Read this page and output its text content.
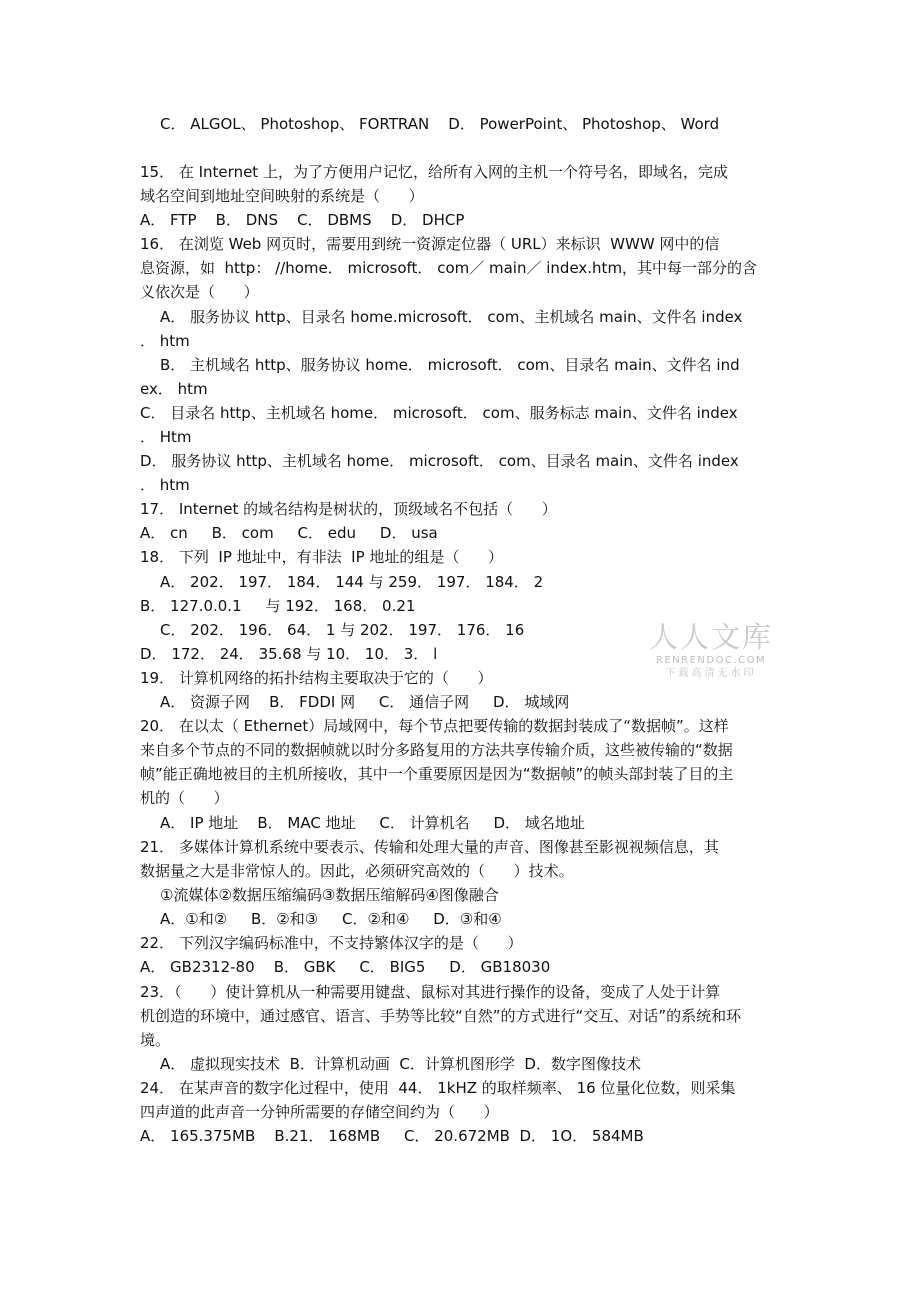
C． ALGOL、 Photoshop、 FORTRAN    D． PowerPoint、 Photoshop、 Word

15． 在 Internet 上，为了方便用户记忆，给所有入网的主机一个符号名，即域名，完成

域名空间到地址空间映射的系统是（      ）

A． FTP    B． DNS    C． DBMS    D． DHCP

16． 在浏览 Web 网页时，需要用到统一资源定位器（ URL）来标识  WWW 网中的信

息资源，如  http： //home． microsoft． com／ main／ index.htm，其中每一部分的含

义依次是（      ）

A． 服务协议 http、目录名 home.microsoft． com、主机域名 main、文件名 index

． htm

B． 主机域名 http、服务协议 home． microsoft． com、目录名 main、文件名 ind

ex． htm

C． 目录名 http、主机域名 home． microsoft． com、服务标志 main、文件名 index

． Htm

D． 服务协议 http、主机域名 home． microsoft． com、目录名 main、文件名 index

． htm

17． Internet 的域名结构是树状的，顶级域名不包括（      ）

A． cn     B． com     C． edu     D． usa

18． 下列  IP 地址中，有非法  IP 地址的组是（      ）

A． 202． 197． 184． 144 与 259． 197． 184． 2

B． 127.0.0.1     与 192． 168． 0.21

C． 202． 196． 64． 1 与 202． 197． 176． 16

D． 172． 24． 35.68 与 10． 10． 3． l

19． 计算机网络的拓扑结构主要取决于它的（      ）

A． 资源子网    B． FDDI 网     C． 通信子网     D． 城域网

20． 在以太（ Ethernet）局域网中，每个节点把要传输的数据封装成了“数据帧”。这样

来自多个节点的不同的数据帧就以时分多路复用的方法共享传输介质，这些被传输的“数据

帧”能正确地被目的主机所接收，其中一个重要原因是因为“数据帧”的帧头部封装了目的主

机的（      ）

A． IP 地址    B． MAC 地址     C． 计算机名     D． 域名地址

21． 多媒体计算机系统中要表示、传输和处理大量的声音、图像甚至影视视频信息，其

数据量之大是非常惊人的。因此，必须研究高效的（      ）技术。

①流媒体②数据压缩编码③数据压缩解码④图像融合

A．①和②     B．②和③     C．②和④     D．③和④

22． 下列汉字编码标准中，不支持繁体汉字的是（      ）

A． GB2312-80    B． GBK     C． BIG5     D． GB18030

23．（      ）使计算机从一种需要用键盘、鼠标对其进行操作的设备，变成了人处于计算

机创造的环境中，通过感官、语言、手势等比较“自然”的方式进行“交互、对话”的系统和环

境。

A． 虚拟现实技术  B．计算机动画  C．计算机图形学  D．数字图像技术

24． 在某声音的数字化过程中，使用  44． 1kHZ 的取样频率、 16 位量化位数，则采集

四声道的此声音一分钟所需要的存储空间约为（      ）

A． 165.375MB    B.21． 168MB     C． 20.672MB  D． 1O． 584MB

人人文库
RENRENDOC.COM
下载高清无水印
